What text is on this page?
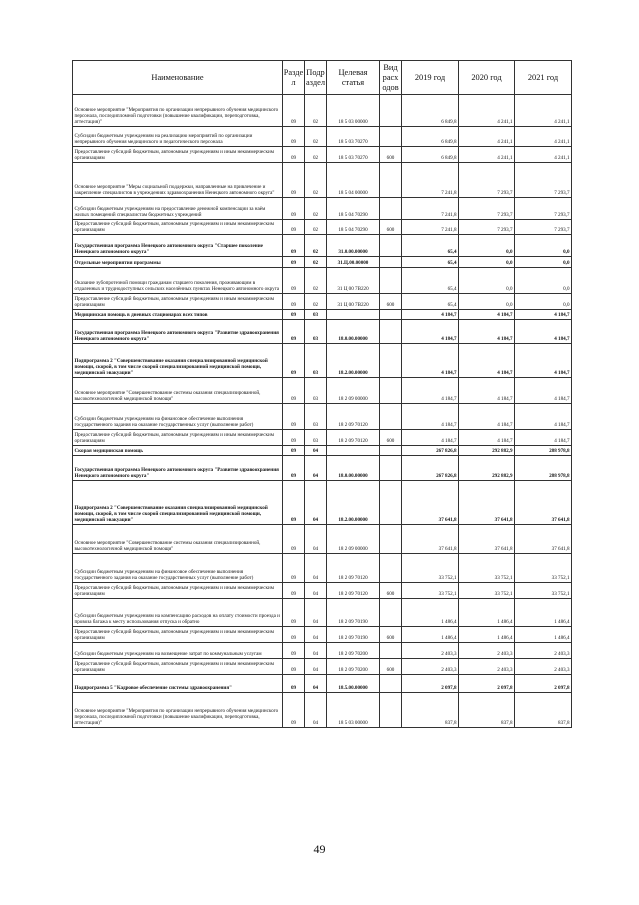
Наименование	Разде л	Подр аздел	Целевая статья	Вид расх одов	2019 год	2020 год	2021 год
Основное мероприятие "Мероприятия по организации непрерывного обучения медицинского персонала, последипломной подготовки (повышение квалификации, переподготовка, аттестация)"	09	02	18 5 03 00000		6 849,8	4 241,1	4 241,1
Субсидии бюджетным учреждениям на реализацию мероприятий по организации непрерывного обучения медицинского и педагогического персонала	09	02	18 5 03 70270		6 849,8	4 241,1	4 241,1
Предоставление субсидий бюджетным, автономным учреждениям и иным некоммерческим организациям	09	02	18 5 03 70270	600	6 849,8	4 241,1	4 241,1
Основное мероприятие "Меры социальной поддержки, направленные на привлечение и закрепление специалистов в учреждениях здравоохранения Ненецкого автономного округа"	09	02	18 5 04 00000		7 241,8	7 293,7	7 293,7
Субсидии бюджетным учреждениям на предоставление денежной компенсации за наём жилых помещений специалистам бюджетных учреждений	09	02	18 5 04 70290		7 241,8	7 293,7	7 293,7
Предоставление субсидий бюджетным, автономным учреждениям и иным некоммерческим организациям	09	02	18 5 04 70290	600	7 241,8	7 293,7	7 293,7
Государственная программа Ненецкого автономного округа "Старшее поколение Ненецкого автономного округа"	09	02	31.0.00.00000		65,4	0,0	0,0
Отдельные мероприятия программы	09	02	31.Ц.00.00000		65,4	0,0	0,0
Оказание зубопротезной помощи гражданам старшего поколения, проживающим в отдаленных и труднодоступных сельских населённых пунктах Ненецкого автономного округа	09	02	31 Ц 00 7В220		65,4	0,0	0,0
Предоставление субсидий бюджетным, автономным учреждениям и иным некоммерческим организациям	09	02	31 Ц 00 7В220	600	65,4	0,0	0,0
Медицинская помощь в дневных стационарах всех типов	09	03			4 184,7	4 184,7	4 184,7
Государственная программа Ненецкого автономного округа "Развитие здравоохранения Ненецкого автономного округа"	09	03	18.0.00.00000		4 184,7	4 184,7	4 184,7
Подпрограмма 2 "Совершенствование оказания специализированной медицинской помощи, скорой, в том числе скорой специализированной медицинской помощи, медицинской эвакуации"	09	03	18.2.00.00000		4 184,7	4 184,7	4 184,7
Основное мероприятие "Совершенствование системы оказания специализированной, высокотехнологичной медицинской помощи"	09	03	18 2 09 00000		4 184,7	4 184,7	4 184,7
Субсидии бюджетным учреждениям на финансовое обеспечение выполнения государственного задания на оказание государственных услуг (выполнение работ)	09	03	18 2 09 70120		4 184,7	4 184,7	4 184,7
Предоставление субсидий бюджетным, автономным учреждениям и иным некоммерческим организациям	09	03	18 2 09 70120	600	4 184,7	4 184,7	4 184,7
Скорая медицинская помощь	09	04			267 826,8	292 882,9	288 978,8
Государственная программа Ненецкого автономного округа "Развитие здравоохранения Ненецкого автономного округа"	09	04	18.0.00.00000		267 826,8	292 882,9	288 978,8
Подпрограмма 2 "Совершенствование оказания специализированной медицинской помощи, скорой, в том числе скорой специализированной медицинской помощи, медицинской эвакуации"	09	04	18.2.00.00000		37 641,8	37 641,8	37 641,8
Основное мероприятие "Совершенствование системы оказания специализированной, высокотехнологичной медицинской помощи"	09	04	18 2 09 00000		37 641,8	37 641,8	37 641,8
Субсидии бюджетным учреждениям на финансовое обеспечение выполнения государственного задания на оказание государственных услуг (выполнение работ)	09	04	18 2 09 70120		33 752,1	33 752,1	33 752,1
Предоставление субсидий бюджетным, автономным учреждениям и иным некоммерческим организациям	09	04	18 2 09 70120	600	33 752,1	33 752,1	33 752,1
Субсидии бюджетным учреждениям на компенсацию расходов на оплату стоимости проезда и провоза багажа к месту использования отпуска и обратно	09	04	18 2 09 70190		1 486,4	1 486,4	1 486,4
Предоставление субсидий бюджетным, автономным учреждениям и иным некоммерческим организациям	09	04	18 2 09 70190	600	1 486,4	1 486,4	1 486,4
Субсидии бюджетным учреждениям на возмещение затрат по коммунальным услугам	09	04	18 2 09 70200		2 403,3	2 403,3	2 403,3
Предоставление субсидий бюджетным, автономным учреждениям и иным некоммерческим организациям	09	04	18 2 09 70200	600	2 403,3	2 403,3	2 403,3
Подпрограмма 5 "Кадровое обеспечение системы здравоохранения"	09	04	18.5.00.00000		2 097,8	2 097,8	2 097,8
Основное мероприятие "Мероприятия по организации непрерывного обучения медицинского персонала, последипломной подготовки (повышение квалификации, переподготовка, аттестация)"	09	04	18 5 03 00000		837,8	837,8	837,8
49
